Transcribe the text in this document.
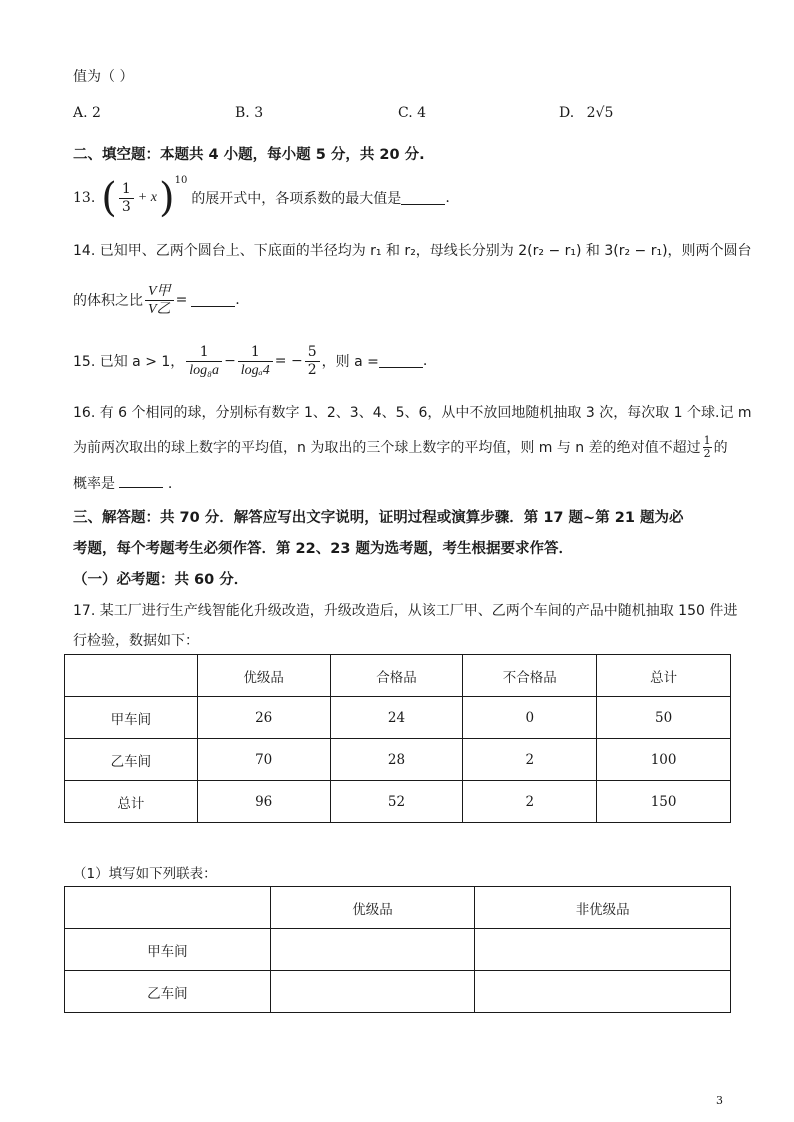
值为（ ）
A. 2	B. 3	C. 4	D. 2√5
二、填空题：本题共 4 小题，每小题 5 分，共 20 分.
13. ( $\frac{1}{3} + x$ ) 10
的展开式中，各项系数的最大值是	.
14. 已知甲、乙两个圆台上、下底面的半径均为 r₁ 和 r₂，母线长分别为 2(r₂ − r₁) 和 3(r₂ − r₁)，则两个圆台
的体积之比 $\frac{\text{V甲}}{\text{V乙}}$ =	.
15. 已知 a > 1， $\frac{1}{\text{log₈a}} - \frac{1}{\text{logₐ4}}$ = − $\frac{5}{2}$ ，则 a =	.
16. 有 6 个相同的球，分别标有数字 1、2、3、4、5、6，从中不放回地随机抽取 3 次，每次取 1 个球.记 m
为前两次取出的球上数字的平均值，n 为取出的三个球上数字的平均值，则 m 与 n 差的绝对值不超过 $\frac{1}{2}$ 的
概率是	.
三、解答题：共 70 分．解答应写出文字说明，证明过程或演算步骤．第 17 题~第 21 题为必
考题，每个考题考生必须作答．第 22、23 题为选考题，考生根据要求作答．
（一）必考题：共 60 分．
17. 某工厂进行生产线智能化升级改造，升级改造后，从该工厂甲、乙两个车间的产品中随机抽取 150 件进
行检验，数据如下：
	优级品	合格品	不合格品	总计
甲车间	26	24	0	50
乙车间	70	28	2	100
总计	96	52	2	150
（1）填写如下列联表：
	优级品	非优级品
甲车间		
乙车间		
3
